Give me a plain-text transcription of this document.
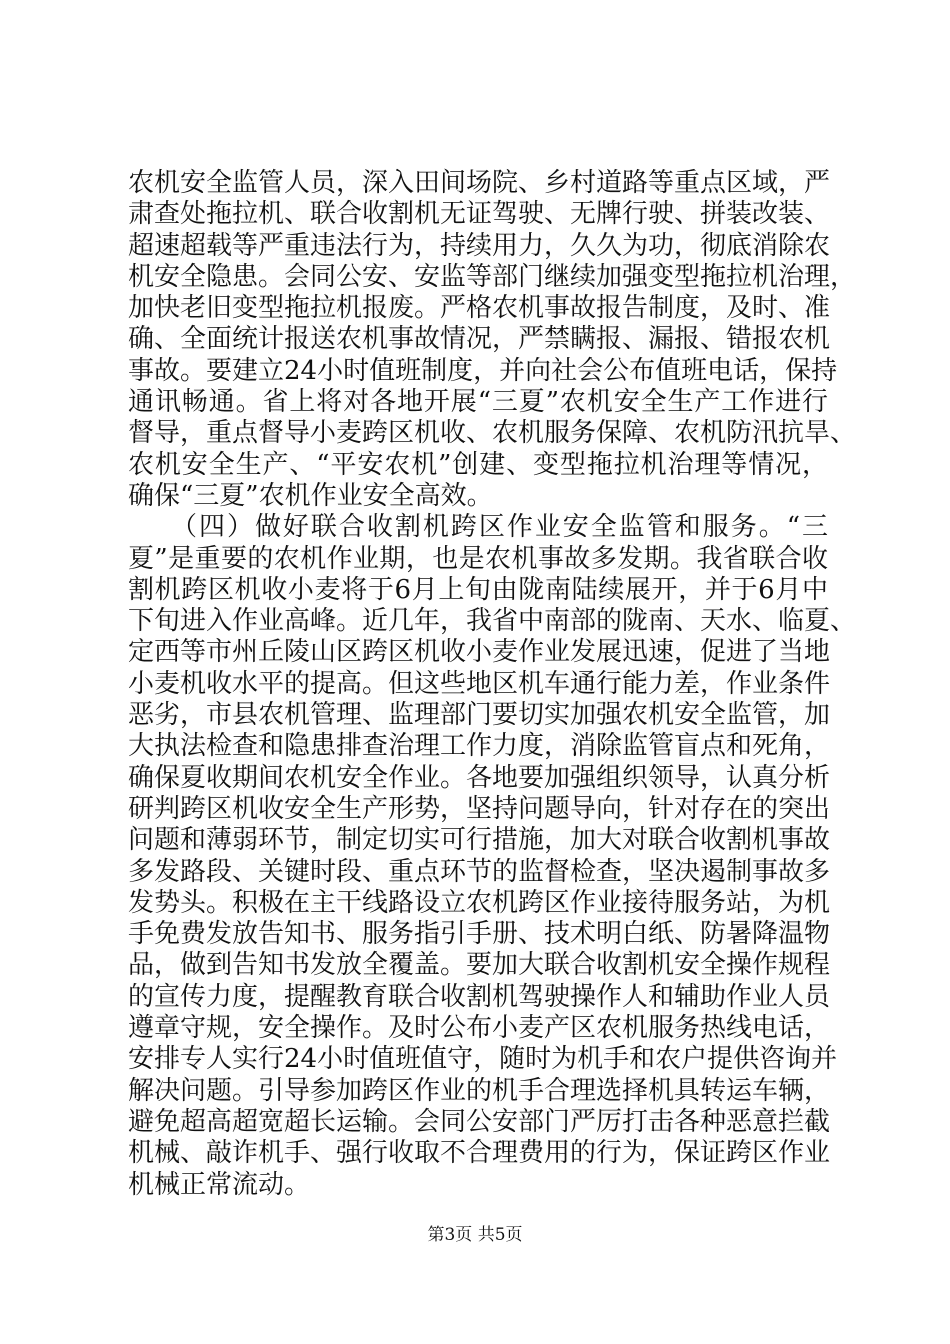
农机安全监管人员，深入田间场院、乡村道路等重点区域，严
肃查处拖拉机、联合收割机无证驾驶、无牌行驶、拼装改装、
超速超载等严重违法行为，持续用力，久久为功，彻底消除农
机安全隐患。会同公安、安监等部门继续加强变型拖拉机治理，
加快老旧变型拖拉机报废。严格农机事故报告制度，及时、准
确、全面统计报送农机事故情况，严禁瞒报、漏报、错报农机
事故。要建立24小时值班制度，并向社会公布值班电话，保持
通讯畅通。省上将对各地开展“三夏”农机安全生产工作进行
督导，重点督导小麦跨区机收、农机服务保障、农机防汛抗旱、
农机安全生产、“平安农机”创建、变型拖拉机治理等情况，
确保“三夏”农机作业安全高效。
　　（四）做好联合收割机跨区作业安全监管和服务。“三
夏”是重要的农机作业期，也是农机事故多发期。我省联合收
割机跨区机收小麦将于6月上旬由陇南陆续展开，并于6月中
下旬进入作业高峰。近几年，我省中南部的陇南、天水、临夏、
定西等市州丘陵山区跨区机收小麦作业发展迅速，促进了当地
小麦机收水平的提高。但这些地区机车通行能力差，作业条件
恶劣，市县农机管理、监理部门要切实加强农机安全监管，加
大执法检查和隐患排查治理工作力度，消除监管盲点和死角，
确保夏收期间农机安全作业。各地要加强组织领导，认真分析
研判跨区机收安全生产形势，坚持问题导向，针对存在的突出
问题和薄弱环节，制定切实可行措施，加大对联合收割机事故
多发路段、关键时段、重点环节的监督检查，坚决遏制事故多
发势头。积极在主干线路设立农机跨区作业接待服务站，为机
手免费发放告知书、服务指引手册、技术明白纸、防暑降温物
品，做到告知书发放全覆盖。要加大联合收割机安全操作规程
的宣传力度，提醒教育联合收割机驾驶操作人和辅助作业人员
遵章守规，安全操作。及时公布小麦产区农机服务热线电话，
安排专人实行24小时值班值守，随时为机手和农户提供咨询并
解决问题。引导参加跨区作业的机手合理选择机具转运车辆，
避免超高超宽超长运输。会同公安部门严厉打击各种恶意拦截
机械、敲诈机手、强行收取不合理费用的行为，保证跨区作业
机械正常流动。
第3页 共5页
